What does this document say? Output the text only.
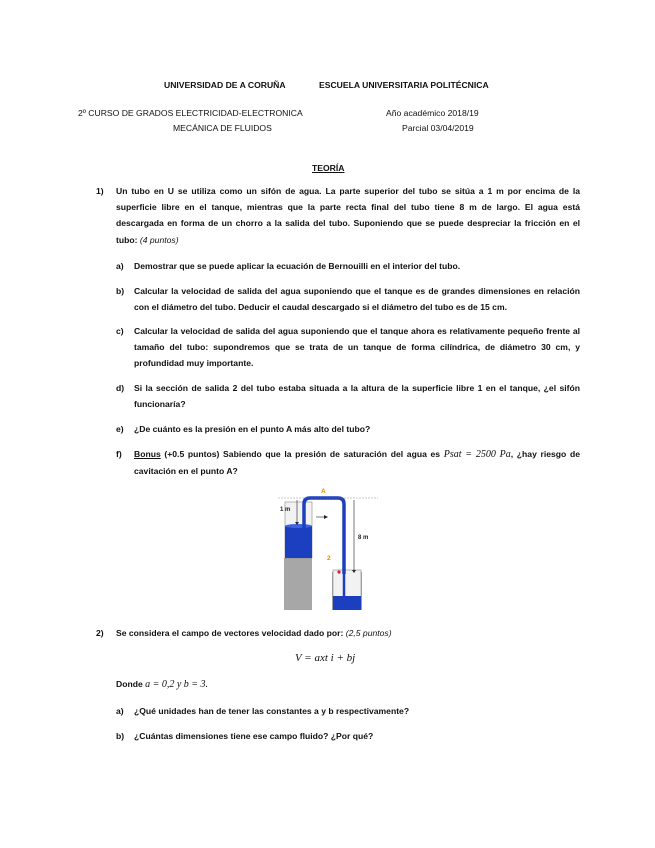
UNIVERSIDAD DE A CORUÑA	ESCUELA UNIVERSITARIA POLITÉCNICA
2º CURSO DE GRADOS ELECTRICIDAD-ELECTRONICA	Año académico 2018/19
MECÁNICA DE FLUIDOS	Parcial 03/04/2019
TEORÍA
1) Un tubo en U se utiliza como un sifón de agua. La parte superior del tubo se sitúa a 1 m por encima de la superficie libre en el tanque, mientras que la parte recta final del tubo tiene 8 m de largo. El agua está descargada en forma de un chorro a la salida del tubo. Suponiendo que se puede despreciar la fricción en el tubo: (4 puntos)
a) Demostrar que se puede aplicar la ecuación de Bernouilli en el interior del tubo.
b) Calcular la velocidad de salida del agua suponiendo que el tanque es de grandes dimensiones en relación con el diámetro del tubo. Deducir el caudal descargado si el diámetro del tubo es de 15 cm.
c) Calcular la velocidad de salida del agua suponiendo que el tanque ahora es relativamente pequeño frente al tamaño del tubo: supondremos que se trata de un tanque de forma cilíndrica, de diámetro 30 cm, y profundidad muy importante.
d) Si la sección de salida 2 del tubo estaba situada a la altura de la superficie libre 1 en el tanque, ¿el sifón funcionaría?
e) ¿De cuánto es la presión en el punto A más alto del tubo?
f) Bonus (+0.5 puntos) Sabiendo que la presión de saturación del agua es Psat = 2500 Pa, ¿hay riesgo de cavitación en el punto A?
A
1 m
8 m
2
2) Se considera el campo de vectores velocidad dado por: (2,5 puntos)
V = axt i + bj
Donde a = 0,2 y b = 3.
a) ¿Qué unidades han de tener las constantes a y b respectivamente?
b) ¿Cuántas dimensiones tiene ese campo fluido? ¿Por qué?
